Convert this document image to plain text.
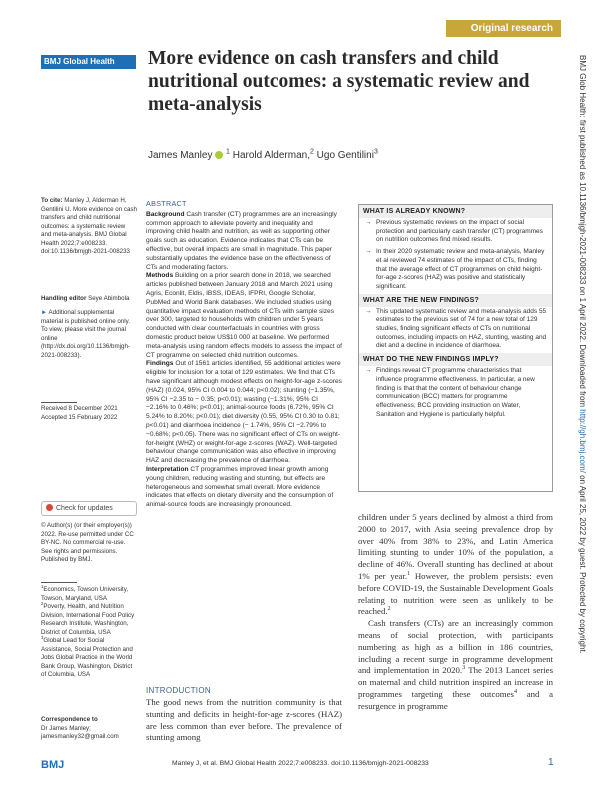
Original research
BMJ Global Health	More evidence on cash transfers and child nutritional outcomes: a systematic review and meta-analysis
James Manley $^1$ Harold Alderman,$^2$ Ugo Gentilini$^3$	BMJ Glob Health: first published as 10.1136/bmjgh-2021-008233 on 1 April 2022. Downloaded from http://gh.bmj.com/ on April 25, 2022 by guest. Protected by copyright.
To cite: Manley J, Alderman H, Gentilini U. More evidence on cash transfers and child nutritional outcomes: a systematic review and meta-analysis. BMJ Global Health 2022;7:e008233. doi:10.1136/bmjgh-2021-008233
Handling editor Seye Abimbola
► Additional supplemental material is published online only. To view, please visit the journal online (http://dx.doi.org/10.1136/bmjgh-2021-008233).
Received 8 December 2021
Accepted 15 February 2022
Check for updates
© Author(s) (or their employer(s)) 2022. Re-use permitted under CC BY-NC. No commercial re-use. See rights and permissions. Published by BMJ.
$^1$Economics, Towson University, Towson, Maryland, USA
$^2$Poverty, Health, and Nutrition Division, International Food Policy Research Institute, Washington, District of Columbia, USA
$^3$Global Lead for Social Assistance, Social Protection and Jobs Global Practice in the World Bank Group, Washington, District of Columbia, USA
Correspondence to
Dr James Manley;
jamesmanley32@gmail.com
ABSTRACT

Background Cash transfer (CT) programmes are an increasingly common approach to alleviate poverty and inequality and improving child health and nutrition, as well as supporting other goals such as education. Evidence indicates that CTs can be effective, but overall impacts are small in magnitude. This paper substantially updates the evidence base on the effectiveness of CTs and moderating factors.

Methods Building on a prior search done in 2018, we searched articles published between January 2018 and March 2021 using Agris, Econlit, Eldis, IBSS, IDEAS, IFPRI, Google Scholar, PubMed and World Bank databases. We included studies using quantitative impact evaluation methods of CTs with sample sizes over 300, targeted to households with children under 5 years conducted with clear counterfactuals in countries with gross domestic product below US$10 000 at baseline. We performed meta-analysis using random effects models to assess the impact of CT programme on selected child nutrition outcomes.

Findings Out of 1561 articles identified, 55 additional articles were eligible for inclusion for a total of 129 estimates. We find that CTs have significant although modest effects on height-for-age z-scores (HAZ) (0.024, 95% CI 0.004 to 0.044; p<0.02); stunting (−1.35%, 95% CI −2.35 to − 0.35; p<0.01); wasting (−1.31%, 95% CI −2.16% to 0.46%; p<0.01); animal-source foods (6.72%, 95% CI 5.24% to 8.20%; p<0.01); diet diversity (0.55, 95% CI 0.30 to 0.81; p<0.01) and diarrhoea incidence (− 1.74%, 95% CI −2.79% to −0.68%; p<0.05). There was no significant effect of CTs on weight-for-height (WHZ) or weight-for-age z-scores (WAZ). Well-targeted behaviour change communication was also effective in improving HAZ and decreasing the prevalence of diarrhoea.

Interpretation CT programmes improved linear growth among young children, reducing wasting and stunting, but effects are heterogeneous and somewhat small overall. More evidence indicates that effects on dietary diversity and the consumption of animal-source foods are increasingly pronounced.

INTRODUCTION
The good news from the nutrition community is that stunting and deficits in height-for-age z-scores (HAZ) are less common than ever before. The prevalence of stunting among
WHAT IS ALREADY KNOWN?
→ Previous systematic reviews on the impact of social protection and particularly cash transfer (CT) programmes on nutrition outcomes find mixed results.
→ In their 2020 systematic review and meta-analysis, Manley et al reviewed 74 estimates of the impact of CTs, finding that the average effect of CT programmes on child height-for-age z-scores (HAZ) was positive and statistically significant.
WHAT ARE THE NEW FINDINGS?
→ This updated systematic review and meta-analysis adds 55 estimates to the previous set of 74 for a new total of 129 studies, finding significant effects of CTs on nutritional outcomes, including impacts on HAZ, stunting, wasting and diet and a decline in incidence of diarrhoea.
WHAT DO THE NEW FINDINGS IMPLY?
→ Findings reveal CT programme characteristics that influence programme effectiveness. In particular, a new finding is that that the content of behaviour change communication (BCC) matters for programme effectiveness; BCC providing instruction on Water, Sanitation and Hygiene is particularly helpful.

children under 5 years declined by almost a third from 2000 to 2017, with Asia seeing prevalence drop by over 40% from 38% to 23%, and Latin America limiting stunting to under 10% of the population, a decline of 46%. Overall stunting has declined at about 1% per year.$^1$ However, the problem persists: even before COVID-19, the Sustainable Development Goals relating to nutrition were seen as unlikely to be reached.$^2$

Cash transfers (CTs) are an increasingly common means of social protection, with participants numbering as high as a billion in 186 countries, including a recent surge in programme development and implementation in 2020.$^3$ The 2013 Lancet series on maternal and child nutrition inspired an increase in programmes targeting these outcomes$^4$ and a resurgence in programme

BMJ	Manley J, et al. BMJ Global Health 2022;7:e008233. doi:10.1136/bmjgh-2021-008233	1
